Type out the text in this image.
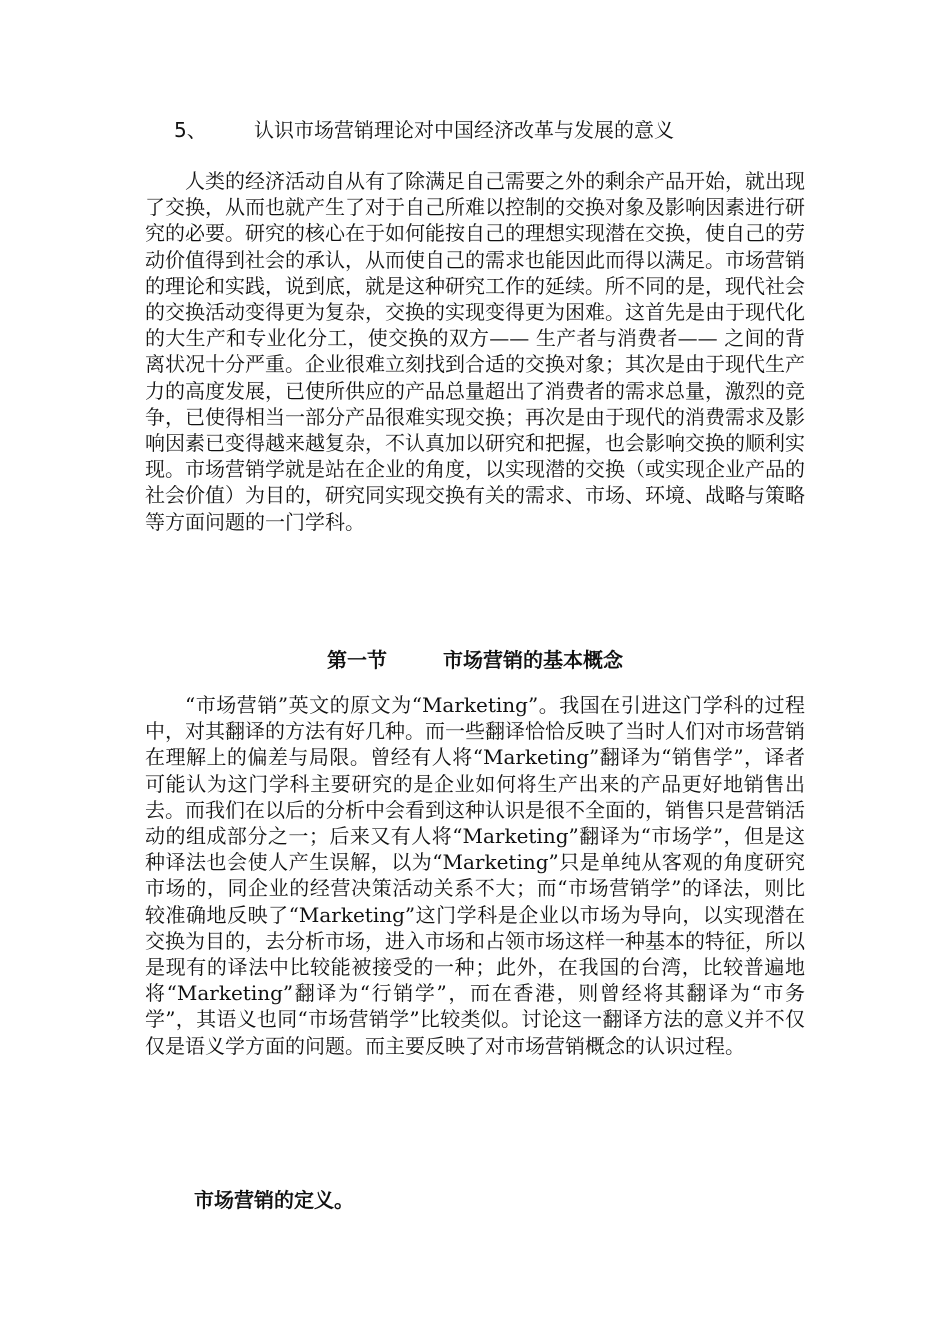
5、 认识市场营销理论对中国经济改革与发展的意义

人类的经济活动自从有了除满足自己需要之外的剩余产品开始，就出现了交换，从而也就产生了对于自己所难以控制的交换对象及影响因素进行研究的必要。研究的核心在于如何能按自己的理想实现潜在交换，使自己的劳动价值得到社会的承认，从而使自己的需求也能因此而得以满足。市场营销的理论和实践，说到底，就是这种研究工作的延续。所不同的是，现代社会的交换活动变得更为复杂，交换的实现变得更为困难。这首先是由于现代化的大生产和专业化分工，使交换的双方—— 生产者与消费者—— 之间的背离状况十分严重。企业很难立刻找到合适的交换对象；其次是由于现代生产力的高度发展，已使所供应的产品总量超出了消费者的需求总量，激烈的竞争，已使得相当一部分产品很难实现交换；再次是由于现代的消费需求及影响因素已变得越来越复杂，不认真加以研究和把握，也会影响交换的顺利实现。市场营销学就是站在企业的角度，以实现潜的交换（或实现企业产品的社会价值）为目的，研究同实现交换有关的需求、市场、环境、战略与策略等方面问题的一门学科。

第一节	市场营销的基本概念

“市场营销”英文的原文为“Marketing”。我国在引进这门学科的过程中，对其翻译的方法有好几种。而一些翻译恰恰反映了当时人们对市场营销在理解上的偏差与局限。曾经有人将“Marketing”翻译为“销售学”，译者可能认为这门学科主要研究的是企业如何将生产出来的产品更好地销售出去。而我们在以后的分析中会看到这种认识是很不全面的，销售只是营销活动的组成部分之一；后来又有人将“Marketing”翻译为“市场学”，但是这种译法也会使人产生误解，以为“Marketing”只是单纯从客观的角度研究市场的，同企业的经营决策活动关系不大；而“市场营销学”的译法，则比较准确地反映了“Marketing”这门学科是企业以市场为导向，以实现潜在交换为目的，去分析市场，进入市场和占领市场这样一种基本的特征，所以是现有的译法中比较能被接受的一种；此外，在我国的台湾，比较普遍地将“Marketing”翻译为“行销学”，而在香港，则曾经将其翻译为“市务学”，其语义也同“市场营销学”比较类似。讨论这一翻译方法的意义并不仅仅是语义学方面的问题。而主要反映了对市场营销概念的认识过程。

市场营销的定义。
